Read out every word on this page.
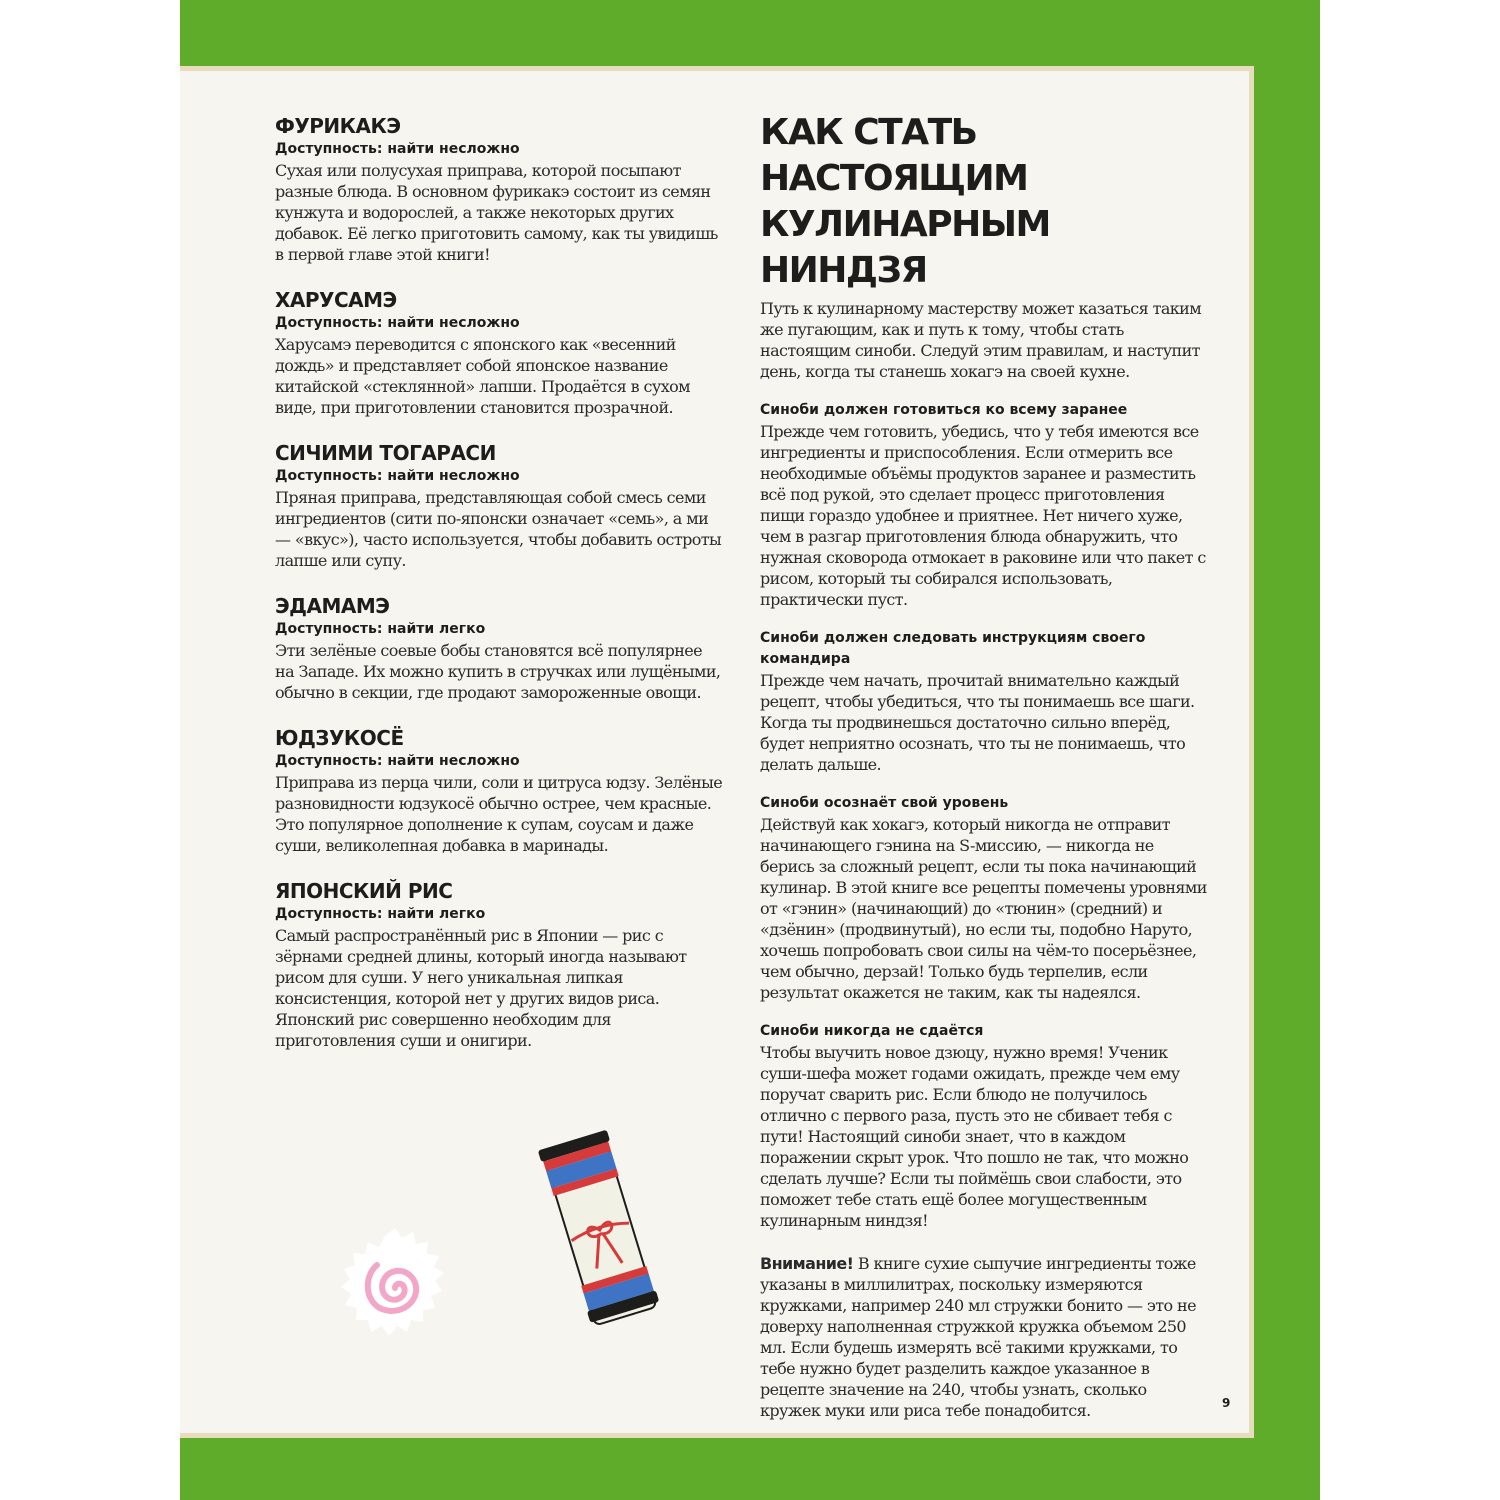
ФУРИКАКЭ

Доступность: найти несложно

Сухая или полусухая приправа, которой посыпают разные блюда. В основном фурикакэ состоит из семян кунжута и водорослей, а также некоторых других добавок. Её легко приготовить самому, как ты увидишь в первой главе этой книги!

ХАРУСАМЭ

Доступность: найти несложно

Харусамэ переводится с японского как «весенний дождь» и представляет собой японское название китайской «стеклянной» лапши. Продаётся в сухом виде, при приготовлении становится прозрачной.

СИЧИМИ ТОГАРАСИ

Доступность: найти несложно

Пряная приправа, представляющая собой смесь семи ингредиентов (сити по-японски означает «семь», а ми — «вкус»), часто используется, чтобы добавить остроты лапше или супу.

ЭДАМАМЭ

Доступность: найти легко

Эти зелёные соевые бобы становятся всё популярнее на Западе. Их можно купить в стручках или лущёными, обычно в секции, где продают замороженные овощи.

ЮДЗУКОСЁ

Доступность: найти несложно

Приправа из перца чили, соли и цитруса юдзу. Зелёные разновидности юдзукосё обычно острее, чем красные. Это популярное дополнение к супам, соусам и даже суши, великолепная добавка в маринады.

ЯПОНСКИЙ РИС

Доступность: найти легко

Самый распространённый рис в Японии — рис с зёрнами средней длины, который иногда называют рисом для суши. У него уникальная липкая консистенция, которой нет у других видов риса. Японский рис совершенно необходим для приготовления суши и онигири.

КАК СТАТЬ НАСТОЯЩИМ
КУЛИНАРНЫМ НИНДЗЯ

Путь к кулинарному мастерству может казаться таким же пугающим, как и путь к тому, чтобы стать настоящим синоби. Следуй этим правилам, и наступит день, когда ты станешь хокагэ на своей кухне.

Синоби должен готовиться ко всему заранее

Прежде чем готовить, убедись, что у тебя имеются все ингредиенты и приспособления. Если отмерить все необходимые объёмы продуктов заранее и разместить всё под рукой, это сделает процесс приготовления пищи гораздо удобнее и приятнее. Нет ничего хуже, чем в разгар приготовления блюда обнаружить, что нужная сковорода отмокает в раковине или что пакет с рисом, который ты собирался использовать, практически пуст.

Синоби должен следовать инструкциям своего командира

Прежде чем начать, прочитай внимательно каждый рецепт, чтобы убедиться, что ты понимаешь все шаги. Когда ты продвинешься достаточно сильно вперёд, будет неприятно осознать, что ты не понимаешь, что делать дальше.

Синоби осознаёт свой уровень

Действуй как хокагэ, который никогда не отправит начинающего гэнина на S-миссию, — никогда не берись за сложный рецепт, если ты пока начинающий кулинар. В этой книге все рецепты помечены уровнями от «гэнин» (начинающий) до «тюнин» (средний) и «дзёнин» (продвинутый), но если ты, подобно Наруто, хочешь попробовать свои силы на чём-то посерьёзнее, чем обычно, дерзай! Только будь терпелив, если результат окажется не таким, как ты надеялся.

Синоби никогда не сдаётся

Чтобы выучить новое дзюцу, нужно время! Ученик суши-шефа может годами ожидать, прежде чем ему поручат сварить рис. Если блюдо не получилось отлично с первого раза, пусть это не сбивает тебя с пути! Настоящий синоби знает, что в каждом поражении скрыт урок. Что пошло не так, что можно сделать лучше? Если ты поймёшь свои слабости, это поможет тебе стать ещё более могущественным кулинарным ниндзя!

Внимание! В книге сухие сыпучие ингредиенты тоже указаны в миллилитрах, поскольку измеряются кружками, например 240 мл стружки бонито — это не доверху наполненная стружкой кружка объемом 250 мл. Если будешь измерять всё такими кружками, то тебе нужно будет разделить каждое указанное в рецепте значение на 240, чтобы узнать, сколько кружек муки или риса тебе понадобится.	9
